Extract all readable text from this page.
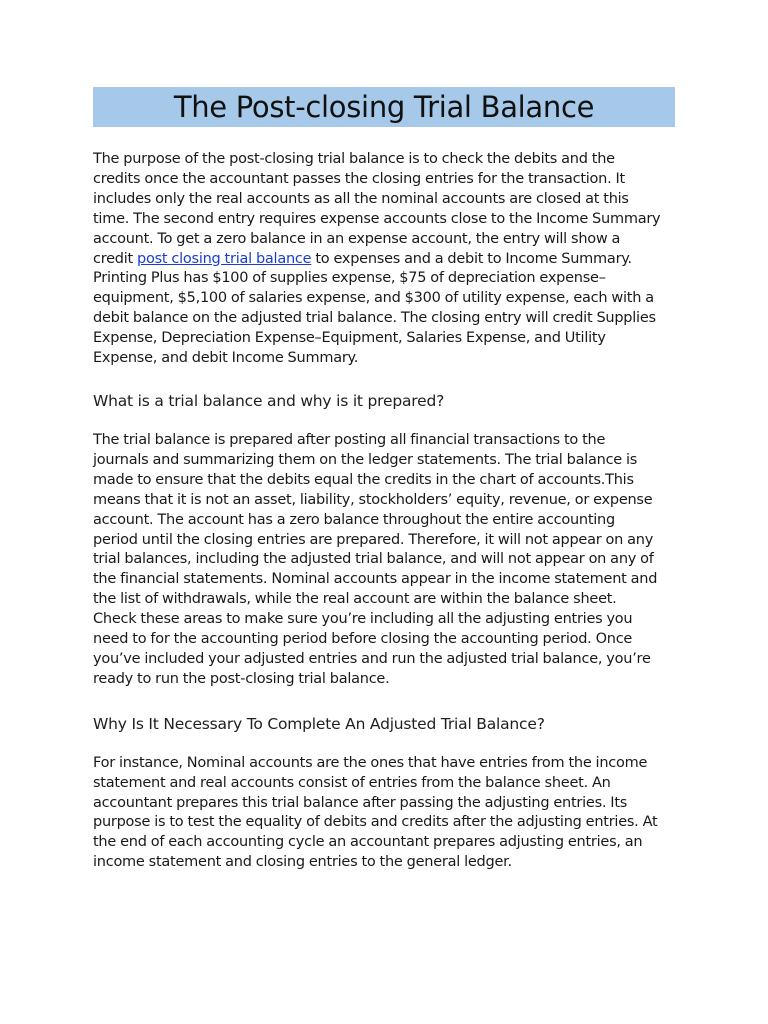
The Post-closing Trial Balance

The purpose of the post-closing trial balance is to check the debits and the
credits once the accountant passes the closing entries for the transaction. It
includes only the real accounts as all the nominal accounts are closed at this
time. The second entry requires expense accounts close to the Income Summary
account. To get a zero balance in an expense account, the entry will show a
credit post closing trial balance to expenses and a debit to Income Summary.
Printing Plus has $100 of supplies expense, $75 of depreciation expense–
equipment, $5,100 of salaries expense, and $300 of utility expense, each with a
debit balance on the adjusted trial balance. The closing entry will credit Supplies
Expense, Depreciation Expense–Equipment, Salaries Expense, and Utility
Expense, and debit Income Summary.

What is a trial balance and why is it prepared?

The trial balance is prepared after posting all financial transactions to the
journals and summarizing them on the ledger statements. The trial balance is
made to ensure that the debits equal the credits in the chart of accounts.This
means that it is not an asset, liability, stockholders’ equity, revenue, or expense
account. The account has a zero balance throughout the entire accounting
period until the closing entries are prepared. Therefore, it will not appear on any
trial balances, including the adjusted trial balance, and will not appear on any of
the financial statements. Nominal accounts appear in the income statement and
the list of withdrawals, while the real account are within the balance sheet.
Check these areas to make sure you’re including all the adjusting entries you
need to for the accounting period before closing the accounting period. Once
you’ve included your adjusted entries and run the adjusted trial balance, you’re
ready to run the post-closing trial balance.

Why Is It Necessary To Complete An Adjusted Trial Balance?

For instance, Nominal accounts are the ones that have entries from the income
statement and real accounts consist of entries from the balance sheet. An
accountant prepares this trial balance after passing the adjusting entries. Its
purpose is to test the equality of debits and credits after the adjusting entries. At
the end of each accounting cycle an accountant prepares adjusting entries, an
income statement and closing entries to the general ledger.
